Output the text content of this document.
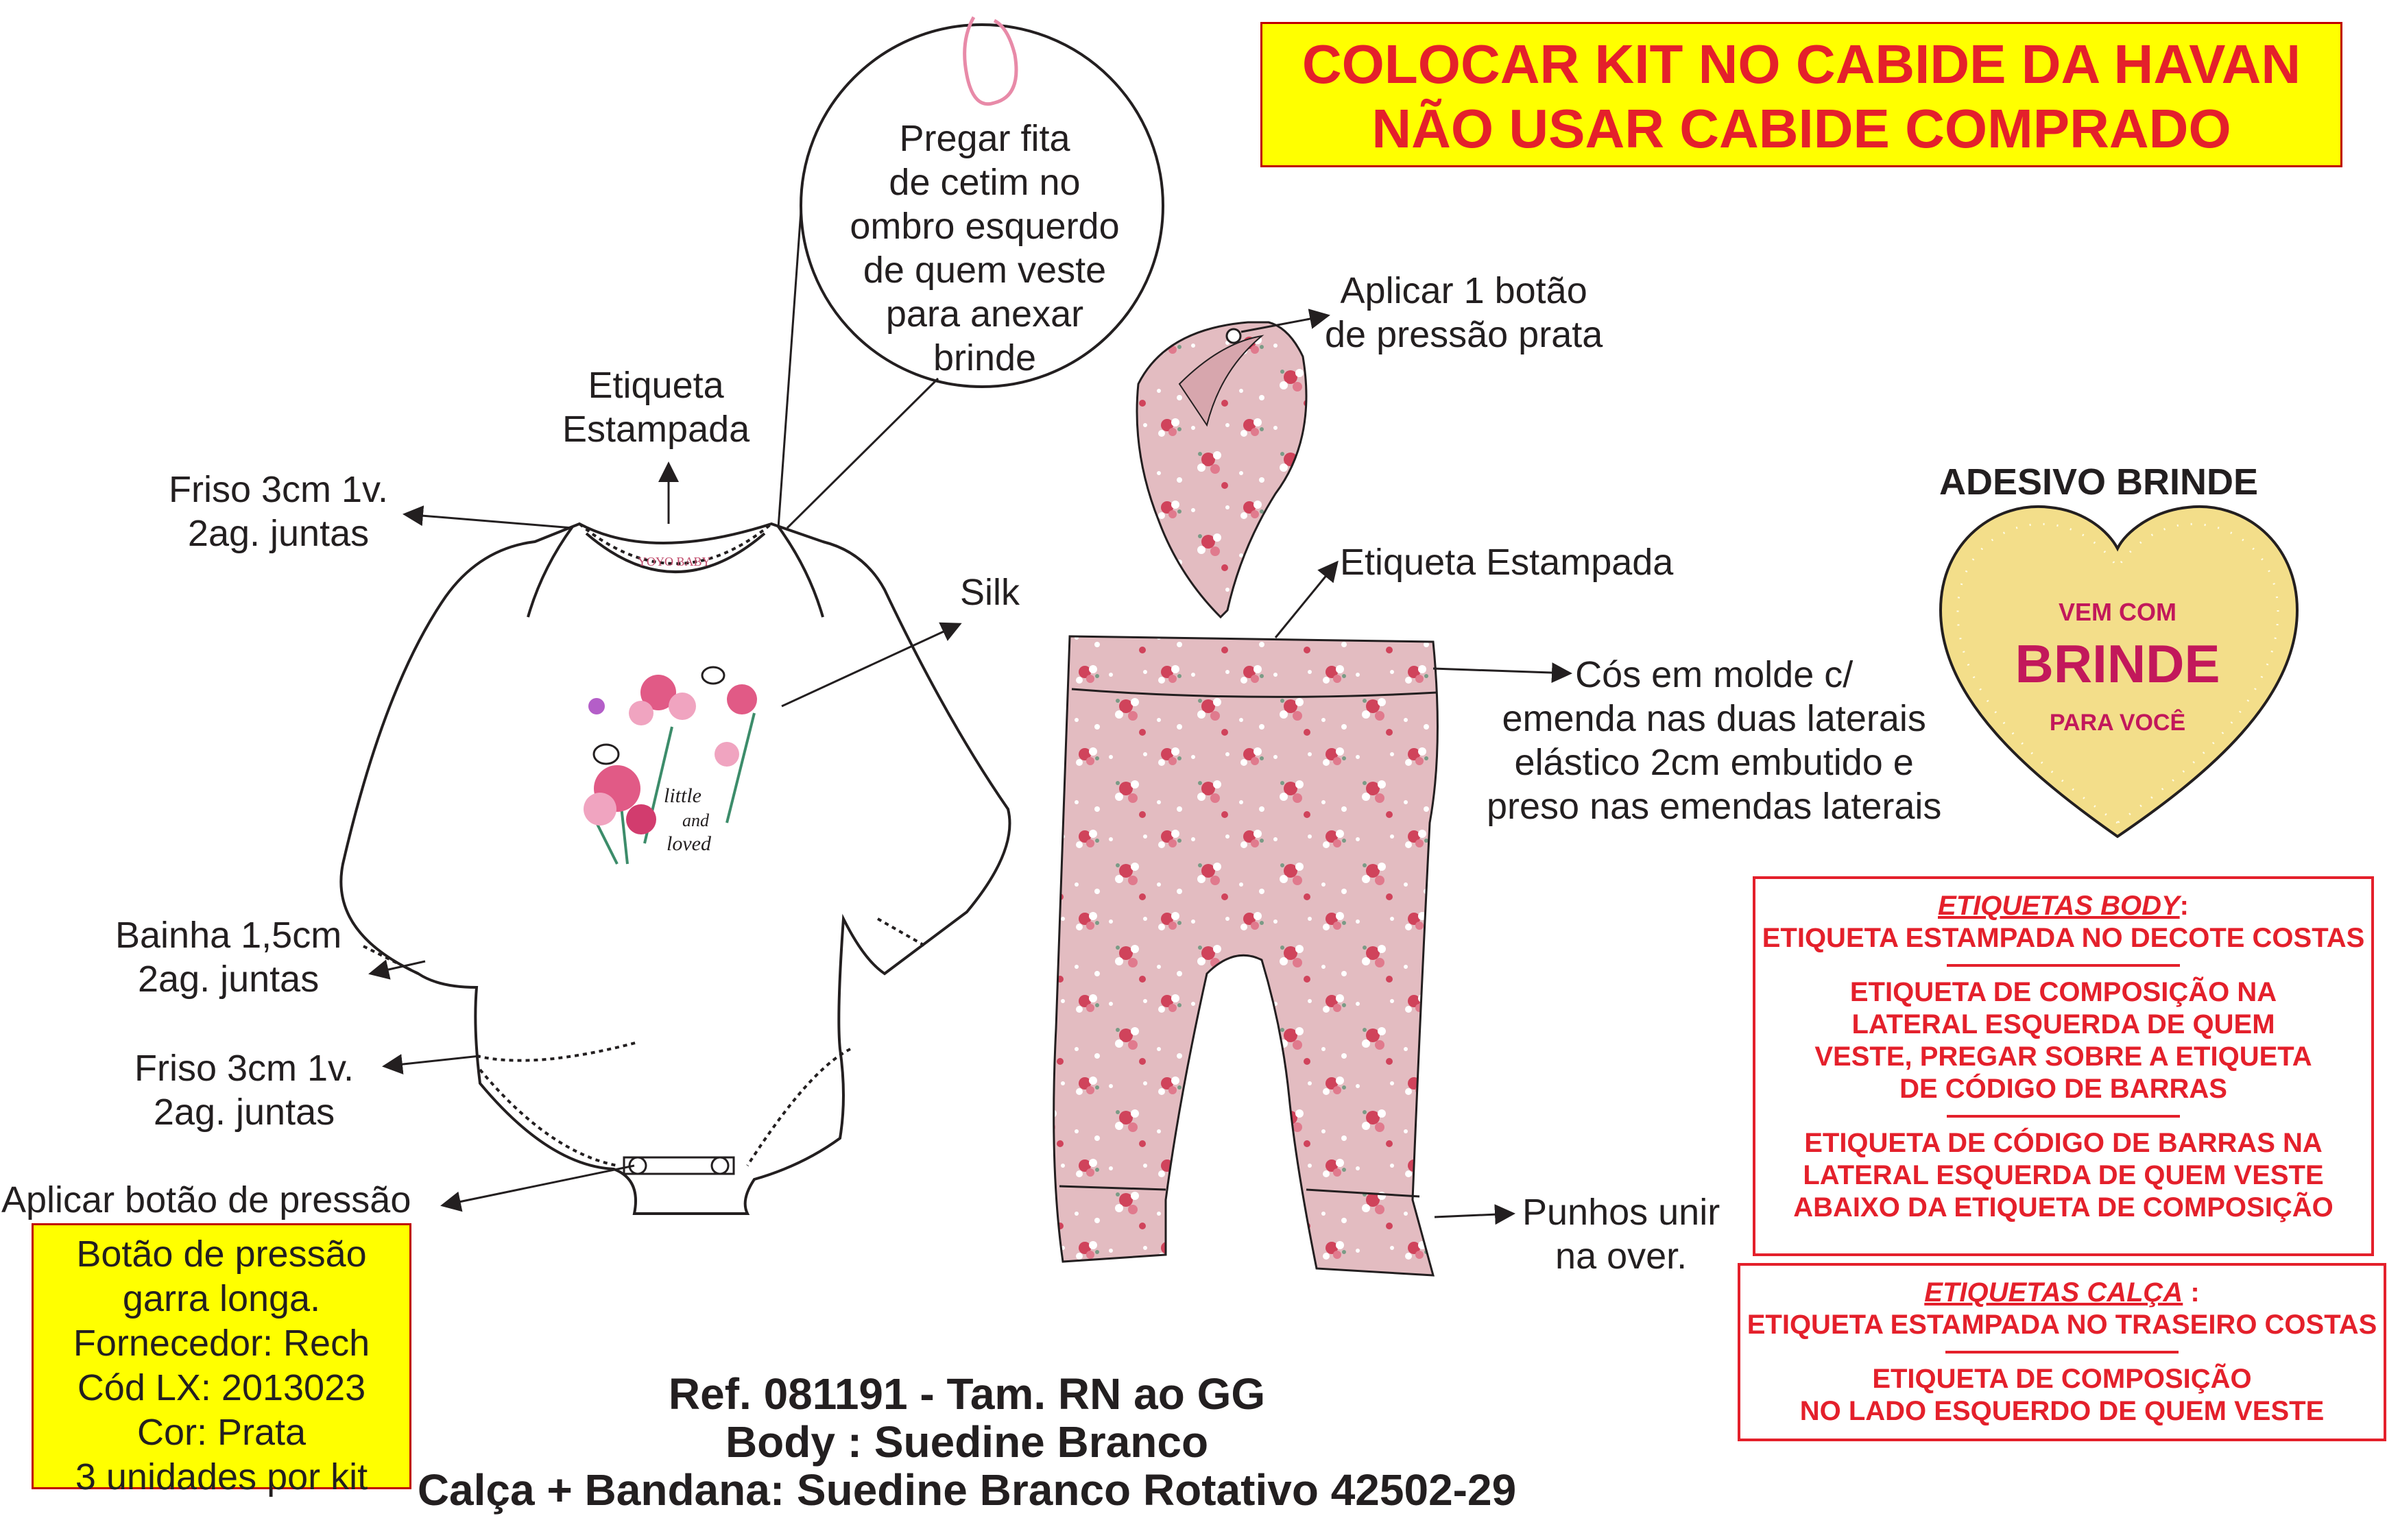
little
and
loved
YOYO BABY
VEM COM
BRINDE
PARA VOCÊ
COLOCAR KIT NO CABIDE DA HAVAN
NÃO USAR CABIDE COMPRADO
Pregar fita
de cetim no
ombro esquerdo
de quem veste
para anexar
brinde
Etiqueta
Estampada
Friso 3cm 1v.
2ag. juntas
Silk
Bainha 1,5cm
2ag. juntas
Friso 3cm 1v.
2ag. juntas
Aplicar botão de pressão
Aplicar 1 botão
de pressão prata
Etiqueta Estampada
Cós em molde c/
emenda nas duas laterais
elástico 2cm embutido e
preso nas emendas laterais
Punhos unir
na over.
ADESIVO BRINDE
Botão de pressão
garra longa.
Fornecedor: Rech
Cód LX: 2013023
Cor: Prata
3 unidades por kit
ETIQUETAS BODY:
ETIQUETA ESTAMPADA NO DECOTE COSTAS
ETIQUETA DE COMPOSIÇÃO NA
LATERAL ESQUERDA DE QUEM
VESTE, PREGAR SOBRE A ETIQUETA
DE CÓDIGO DE BARRAS
ETIQUETA DE CÓDIGO DE BARRAS NA
LATERAL ESQUERDA DE QUEM VESTE
ABAIXO DA ETIQUETA DE COMPOSIÇÃO
ETIQUETAS CALÇA :
ETIQUETA ESTAMPADA NO TRASEIRO COSTAS
ETIQUETA DE COMPOSIÇÃO
NO LADO ESQUERDO DE QUEM VESTE
Ref. 081191 - Tam. RN ao GG
Body : Suedine Branco
Calça + Bandana: Suedine Branco Rotativo 42502-29
